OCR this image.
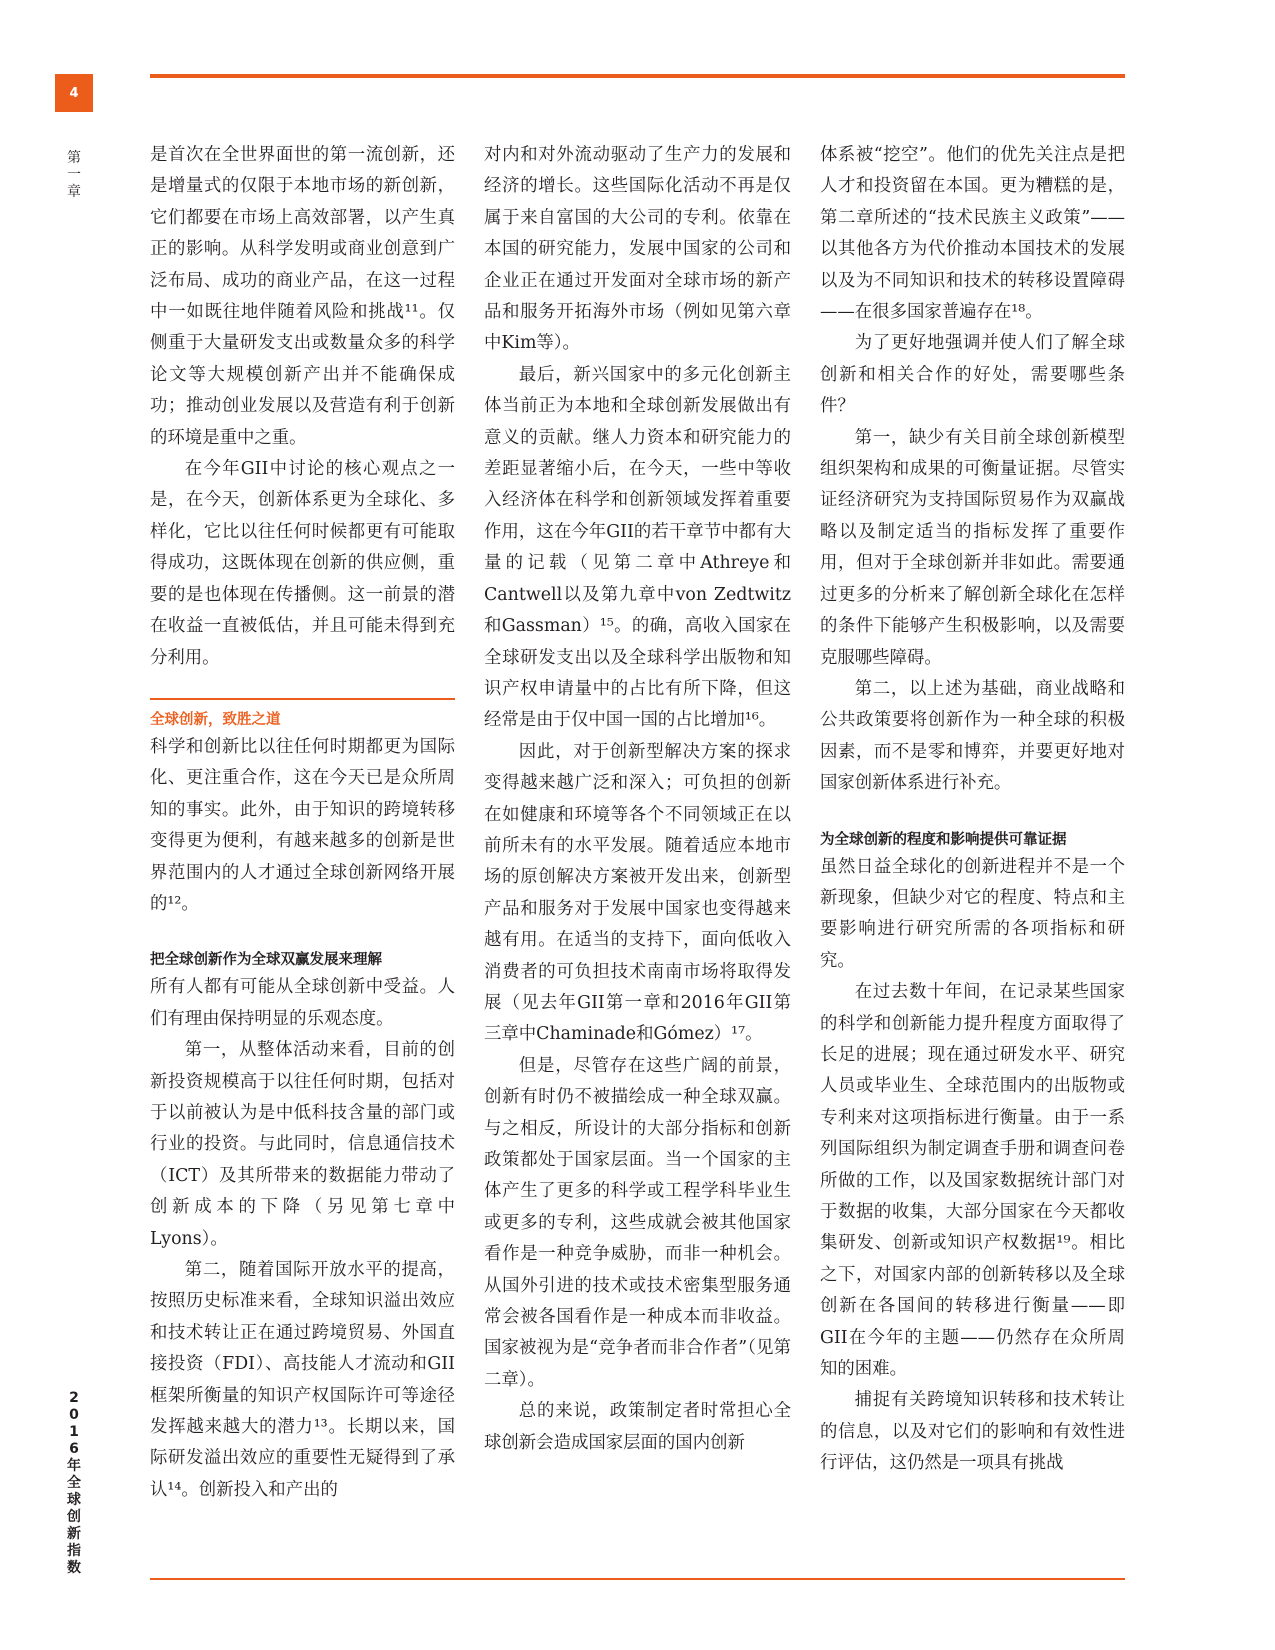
4
第
一
章
2
0
1
6
年
全
球
创
新
指
数

是首次在全世界面世的第一流创新，还是增量式的仅限于本地市场的新创新，它们都要在市场上高效部署，以产生真正的影响。从科学发明或商业创意到广泛布局、成功的商业产品，在这一过程中一如既往地伴随着风险和挑战¹¹。仅侧重于大量研发支出或数量众多的科学论文等大规模创新产出并不能确保成功；推动创业发展以及营造有利于创新的环境是重中之重。

在今年GII中讨论的核心观点之一是，在今天，创新体系更为全球化、多样化，它比以往任何时候都更有可能取得成功，这既体现在创新的供应侧，重要的是也体现在传播侧。这一前景的潜在收益一直被低估，并且可能未得到充分利用。

全球创新，致胜之道

科学和创新比以往任何时期都更为国际化、更注重合作，这在今天已是众所周知的事实。此外，由于知识的跨境转移变得更为便利，有越来越多的创新是世界范围内的人才通过全球创新网络开展的¹²。

把全球创新作为全球双赢发展来理解

所有人都有可能从全球创新中受益。人们有理由保持明显的乐观态度。

第一，从整体活动来看，目前的创新投资规模高于以往任何时期，包括对于以前被认为是中低科技含量的部门或行业的投资。与此同时，信息通信技术（ICT）及其所带来的数据能力带动了创新成本的下降（另见第七章中Lyons）。

第二，随着国际开放水平的提高，按照历史标准来看，全球知识溢出效应和技术转让正在通过跨境贸易、外国直接投资（FDI）、高技能人才流动和GII框架所衡量的知识产权国际许可等途径发挥越来越大的潜力¹³。长期以来，国际研发溢出效应的重要性无疑得到了承认¹⁴。创新投入和产出的

对内和对外流动驱动了生产力的发展和经济的增长。这些国际化活动不再是仅属于来自富国的大公司的专利。依靠在本国的研究能力，发展中国家的公司和企业正在通过开发面对全球市场的新产品和服务开拓海外市场（例如见第六章中Kim等）。

最后，新兴国家中的多元化创新主体当前正为本地和全球创新发展做出有意义的贡献。继人力资本和研究能力的差距显著缩小后，在今天，一些中等收入经济体在科学和创新领域发挥着重要作用，这在今年GII的若干章节中都有大量的记载（见第二章中Athreye和Cantwell以及第九章中von Zedtwitz和Gassman）¹⁵。的确，高收入国家在全球研发支出以及全球科学出版物和知识产权申请量中的占比有所下降，但这经常是由于仅中国一国的占比增加¹⁶。

因此，对于创新型解决方案的探求变得越来越广泛和深入；可负担的创新在如健康和环境等各个不同领域正在以前所未有的水平发展。随着适应本地市场的原创解决方案被开发出来，创新型产品和服务对于发展中国家也变得越来越有用。在适当的支持下，面向低收入消费者的可负担技术南南市场将取得发展（见去年GII第一章和2016年GII第三章中Chaminade和Gómez）¹⁷。

但是，尽管存在这些广阔的前景，创新有时仍不被描绘成一种全球双赢。与之相反，所设计的大部分指标和创新政策都处于国家层面。当一个国家的主体产生了更多的科学或工程学科毕业生或更多的专利，这些成就会被其他国家看作是一种竞争威胁，而非一种机会。从国外引进的技术或技术密集型服务通常会被各国看作是一种成本而非收益。国家被视为是“竞争者而非合作者”（见第二章）。

总的来说，政策制定者时常担心全球创新会造成国家层面的国内创新

体系被“挖空”。他们的优先关注点是把人才和投资留在本国。更为糟糕的是，第二章所述的“技术民族主义政策”——以其他各方为代价推动本国技术的发展以及为不同知识和技术的转移设置障碍——在很多国家普遍存在¹⁸。

为了更好地强调并使人们了解全球创新和相关合作的好处，需要哪些条件？

第一，缺少有关目前全球创新模型组织架构和成果的可衡量证据。尽管实证经济研究为支持国际贸易作为双赢战略以及制定适当的指标发挥了重要作用，但对于全球创新并非如此。需要通过更多的分析来了解创新全球化在怎样的条件下能够产生积极影响，以及需要克服哪些障碍。

第二，以上述为基础，商业战略和公共政策要将创新作为一种全球的积极因素，而不是零和博弈，并要更好地对国家创新体系进行补充。

为全球创新的程度和影响提供可靠证据

虽然日益全球化的创新进程并不是一个新现象，但缺少对它的程度、特点和主要影响进行研究所需的各项指标和研究。

在过去数十年间，在记录某些国家的科学和创新能力提升程度方面取得了长足的进展；现在通过研发水平、研究人员或毕业生、全球范围内的出版物或专利来对这项指标进行衡量。由于一系列国际组织为制定调查手册和调查问卷所做的工作，以及国家数据统计部门对于数据的收集，大部分国家在今天都收集研发、创新或知识产权数据¹⁹。相比之下，对国家内部的创新转移以及全球创新在各国间的转移进行衡量——即GII在今年的主题——仍然存在众所周知的困难。

捕捉有关跨境知识转移和技术转让的信息，以及对它们的影响和有效性进行评估，这仍然是一项具有挑战
